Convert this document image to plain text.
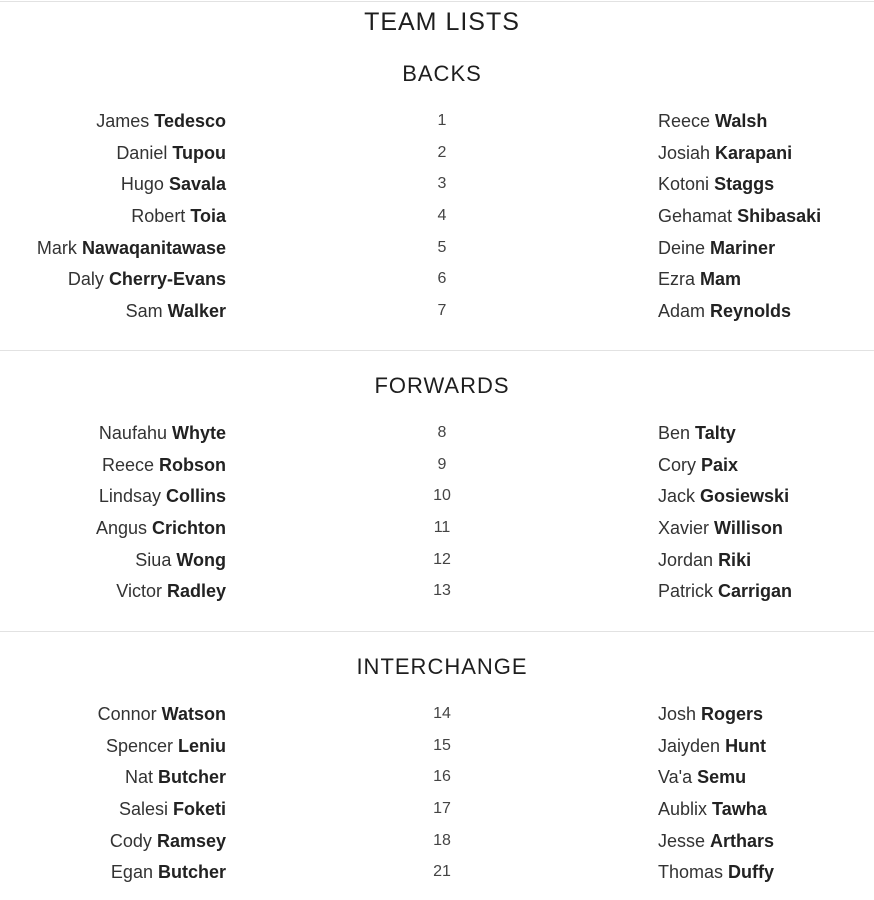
TEAM LISTS
BACKS
James Tedesco	1	Reece Walsh
Daniel Tupou	2	Josiah Karapani
Hugo Savala	3	Kotoni Staggs
Robert Toia	4	Gehamat Shibasaki
Mark Nawaqanitawase	5	Deine Mariner
Daly Cherry-Evans	6	Ezra Mam
Sam Walker	7	Adam Reynolds
FORWARDS
Naufahu Whyte	8	Ben Talty
Reece Robson	9	Cory Paix
Lindsay Collins	10	Jack Gosiewski
Angus Crichton	11	Xavier Willison
Siua Wong	12	Jordan Riki
Victor Radley	13	Patrick Carrigan
INTERCHANGE
Connor Watson	14	Josh Rogers
Spencer Leniu	15	Jaiyden Hunt
Nat Butcher	16	Va'a Semu
Salesi Foketi	17	Aublix Tawha
Cody Ramsey	18	Jesse Arthars
Egan Butcher	21	Thomas Duffy
